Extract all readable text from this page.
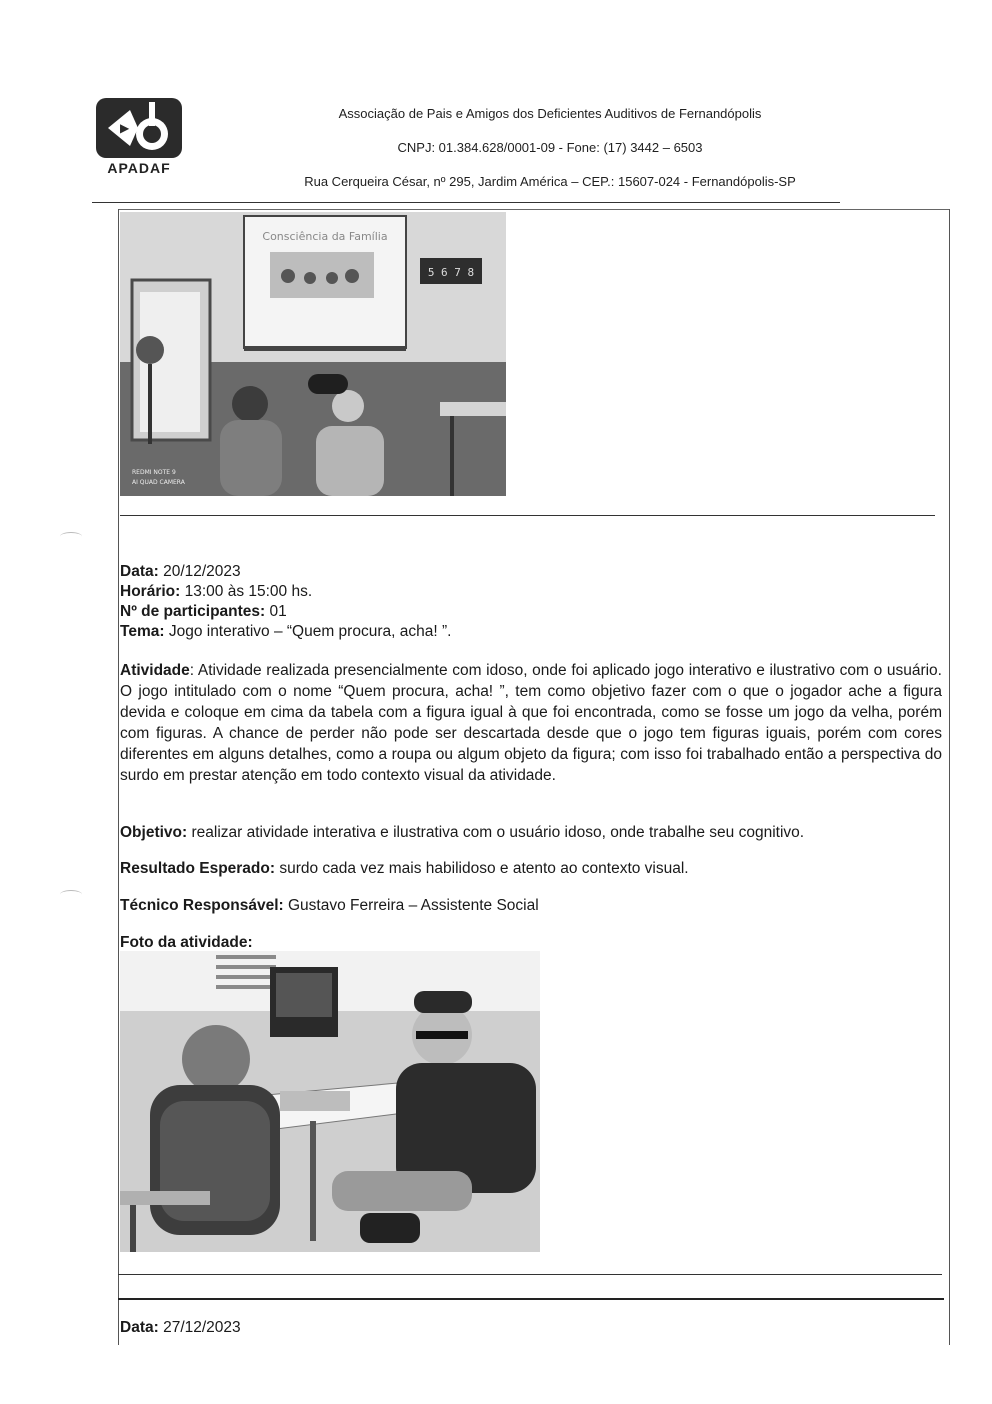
▶
APADAF
Associação de Pais e Amigos dos Deficientes Auditivos de Fernandópolis
CNPJ: 01.384.628/0001-09 - Fone: (17) 3442 – 6503
Rua Cerqueira César, nº 295, Jardim América – CEP.: 15607-024 - Fernandópolis-SP
Consciência da Família
5 6 7 8
REDMI NOTE 9
AI QUAD CAMERA
Data: 20/12/2023
Horário: 13:00 às 15:00 hs.
Nº de participantes: 01
Tema: Jogo interativo – “Quem procura, acha! ”.
Atividade: Atividade realizada presencialmente com idoso, onde foi aplicado jogo interativo e ilustrativo com o usuário. O jogo intitulado com o nome “Quem procura, acha! ”, tem como objetivo fazer com o que o jogador ache a figura devida e coloque em cima da tabela com a figura igual à que foi encontrada, como se fosse um jogo da velha, porém com figuras. A chance de perder não pode ser descartada desde que o jogo tem figuras iguais, porém com cores diferentes em alguns detalhes, como a roupa ou algum objeto da figura; com isso foi trabalhado então a perspectiva do surdo em prestar atenção em todo contexto visual da atividade.
Objetivo: realizar atividade interativa e ilustrativa com o usuário idoso, onde trabalhe seu cognitivo.
Resultado Esperado: surdo cada vez mais habilidoso e atento ao contexto visual.
Técnico Responsável: Gustavo Ferreira – Assistente Social
Foto da atividade:
Data: 27/12/2023
